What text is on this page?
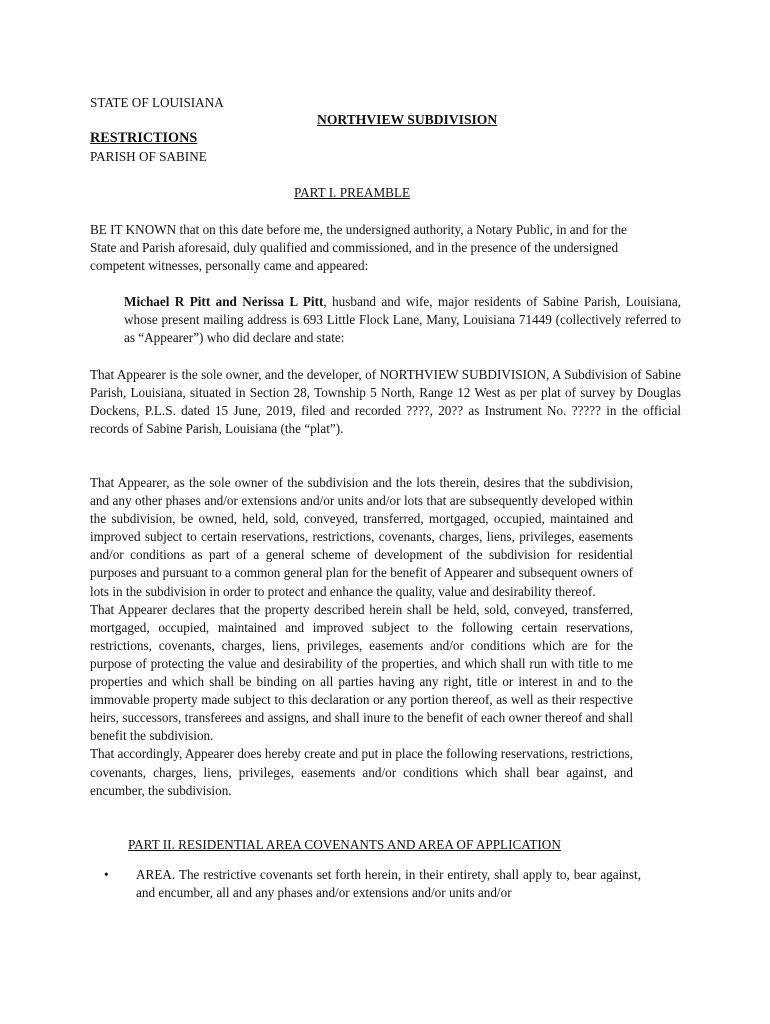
STATE OF LOUISIANA
NORTHVIEW SUBDIVISION
RESTRICTIONS
PARISH OF SABINE
PART I. PREAMBLE
BE IT KNOWN that on this date before me, the undersigned authority, a Notary Public, in and for the State and Parish aforesaid, duly qualified and commissioned, and in the presence of the undersigned competent witnesses, personally came and appeared:
Michael R Pitt and Nerissa L Pitt, husband and wife, major residents of Sabine Parish, Louisiana, whose present mailing address is 693 Little Flock Lane, Many, Louisiana 71449 (collectively referred to as “Appearer”) who did declare and state:
That Appearer is the sole owner, and the developer, of NORTHVIEW SUBDIVISION, A Subdivision of Sabine Parish, Louisiana, situated in Section 28, Township 5 North, Range 12 West as per plat of survey by Douglas Dockens, P.L.S. dated 15 June, 2019, filed and recorded ????, 20?? as Instrument No. ????? in the official records of Sabine Parish, Louisiana (the “plat”).
That Appearer, as the sole owner of the subdivision and the lots therein, desires that the subdivision, and any other phases and/or extensions and/or units and/or lots that are subsequently developed within the subdivision, be owned, held, sold, conveyed, transferred, mortgaged, occupied, maintained and improved subject to certain reservations, restrictions, covenants, charges, liens, privileges, easements and/or conditions as part of a general scheme of development of the subdivision for residential purposes and pursuant to a common general plan for the benefit of Appearer and subsequent owners of lots in the subdivision in order to protect and enhance the quality, value and desirability thereof.
That Appearer declares that the property described herein shall be held, sold, conveyed, transferred, mortgaged, occupied, maintained and improved subject to the following certain reservations, restrictions, covenants, charges, liens, privileges, easements and/or conditions which are for the purpose of protecting the value and desirability of the properties, and which shall run with title to me properties and which shall be binding on all parties having any right, title or interest in and to the immovable property made subject to this declaration or any portion thereof, as well as their respective heirs, successors, transferees and assigns, and shall inure to the benefit of each owner thereof and shall benefit the subdivision.
That accordingly, Appearer does hereby create and put in place the following reservations, restrictions, covenants, charges, liens, privileges, easements and/or conditions which shall bear against, and encumber, the subdivision.
PART II. RESIDENTIAL AREA COVENANTS AND AREA OF APPLICATION
• AREA. The restrictive covenants set forth herein, in their entirety, shall apply to, bear against, and encumber, all and any phases and/or extensions and/or units and/or
